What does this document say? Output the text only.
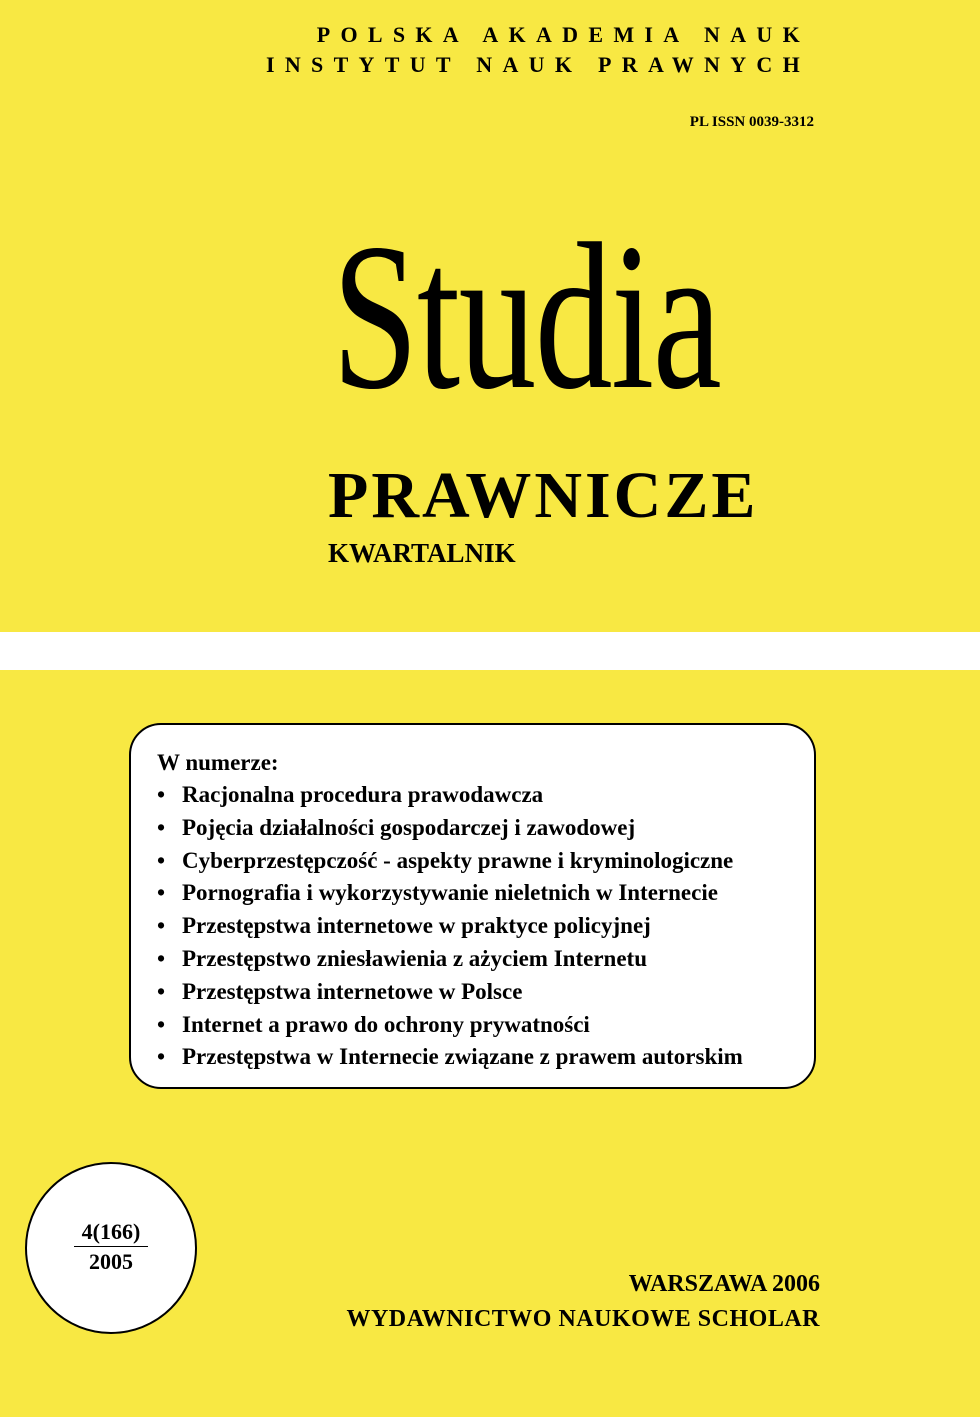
POLSKA AKADEMIA NAUK
INSTYTUT NAUK PRAWNYCH
PL ISSN 0039-3312
Studia
PRAWNICZE
KWARTALNIK
W numerze:
• Racjonalna procedura prawodawcza
• Pojęcia działalności gospodarczej i zawodowej
• Cyberprzestępczość - aspekty prawne i kryminologiczne
• Pornografia i wykorzystywanie nieletnich w Internecie
• Przestępstwa internetowe w praktyce policyjnej
• Przestępstwo zniesławienia z ażyciem Internetu
• Przestępstwa internetowe w Polsce
• Internet a prawo do ochrony prywatności
• Przestępstwa w Internecie związane z prawem autorskim
4(166)
2005
WARSZAWA 2006
WYDAWNICTWO NAUKOWE SCHOLAR
